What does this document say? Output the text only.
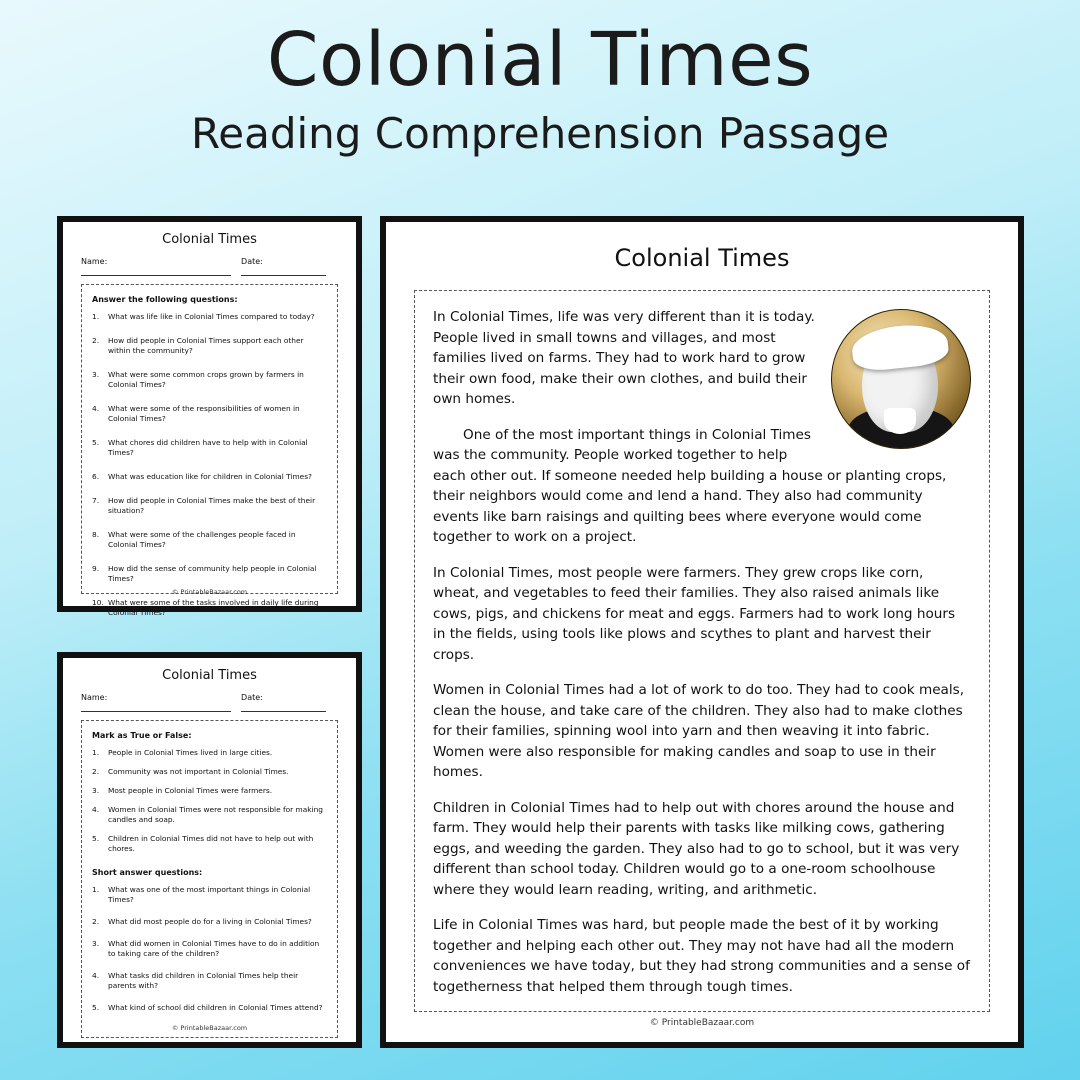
Colonial Times
Reading Comprehension Passage
Colonial Times
Name:	Date:
Answer the following questions:
1.	What was life like in Colonial Times compared to today?
2.	How did people in Colonial Times support each other within the community?
3.	What were some common crops grown by farmers in Colonial Times?
4.	What were some of the responsibilities of women in Colonial Times?
5.	What chores did children have to help with in Colonial Times?
6.	What was education like for children in Colonial Times?
7.	How did people in Colonial Times make the best of their situation?
8.	What were some of the challenges people faced in Colonial Times?
9.	How did the sense of community help people in Colonial Times?
10. What were some of the tasks involved in daily life during Colonial Times?
© PrintableBazaar.com
Colonial Times
Name:	Date:
Mark as True or False:
1.	People in Colonial Times lived in large cities.
2.	Community was not important in Colonial Times.
3.	Most people in Colonial Times were farmers.
4.	Women in Colonial Times were not responsible for making candles and soap.
5.	Children in Colonial Times did not have to help out with chores.
Short answer questions:
1.	What was one of the most important things in Colonial Times?
2.	What did most people do for a living in Colonial Times?
3.	What did women in Colonial Times have to do in addition to taking care of the children?
4.	What tasks did children in Colonial Times help their parents with?
5.	What kind of school did children in Colonial Times attend?
© PrintableBazaar.com
Colonial Times

In Colonial Times, life was very different than it is today. People lived in small towns and villages, and most families lived on farms. They had to work hard to grow their own food, make their own clothes, and build their own homes.

One of the most important things in Colonial Times was the community. People worked together to help each other out. If someone needed help building a house or planting crops, their neighbors would come and lend a hand. They also had community events like barn raisings and quilting bees where everyone would come together to work on a project.

In Colonial Times, most people were farmers. They grew crops like corn, wheat, and vegetables to feed their families. They also raised animals like cows, pigs, and chickens for meat and eggs. Farmers had to work long hours in the fields, using tools like plows and scythes to plant and harvest their crops.

Women in Colonial Times had a lot of work to do too. They had to cook meals, clean the house, and take care of the children. They also had to make clothes for their families, spinning wool into yarn and then weaving it into fabric. Women were also responsible for making candles and soap to use in their homes.

Children in Colonial Times had to help out with chores around the house and farm. They would help their parents with tasks like milking cows, gathering eggs, and weeding the garden. They also had to go to school, but it was very different than school today. Children would go to a one-room schoolhouse where they would learn reading, writing, and arithmetic.

Life in Colonial Times was hard, but people made the best of it by working together and helping each other out. They may not have had all the modern conveniences we have today, but they had strong communities and a sense of togetherness that helped them through tough times.

© PrintableBazaar.com
